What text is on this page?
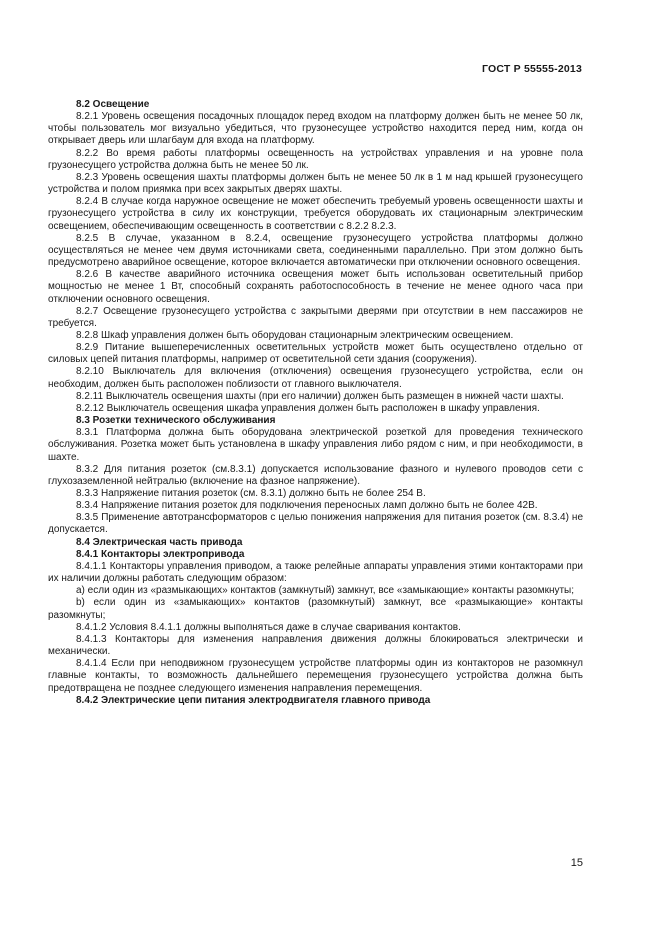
ГОСТ Р 55555-2013

8.2 Освещение

8.2.1 Уровень освещения посадочных площадок перед входом на платформу должен быть не менее 50 лк, чтобы пользователь мог визуально убедиться, что грузонесущее устройство находится перед ним, когда он открывает дверь или шлагбаум для входа на платформу.

8.2.2 Во время работы платформы освещенность на устройствах управления и на уровне пола грузонесущего устройства должна быть не менее 50 лк.

8.2.3 Уровень освещения шахты платформы должен быть не менее 50 лк в 1 м над крышей грузонесущего устройства и полом приямка при всех закрытых дверях шахты.

8.2.4 В случае когда наружное освещение не может обеспечить требуемый уровень освещенности шахты и грузонесущего устройства в силу их конструкции, требуется оборудовать их стационарным электрическим освещением, обеспечивающим освещенность в соответствии с 8.2.2 8.2.3.

8.2.5 В случае, указанном в 8.2.4, освещение грузонесущего устройства платформы должно осуществляться не менее чем двумя источниками света, соединенными параллельно. При этом должно быть предусмотрено аварийное освещение, которое включается автоматически при отключении основного освещения.

8.2.6 В качестве аварийного источника освещения может быть использован осветительный прибор мощностью не менее 1 Вт, способный сохранять работоспособность в течение не менее одного часа при отключении основного освещения.

8.2.7 Освещение грузонесущего устройства с закрытыми дверями при отсутствии в нем пассажиров не требуется.

8.2.8 Шкаф управления должен быть оборудован стационарным электрическим освещением.

8.2.9 Питание вышеперечисленных осветительных устройств может быть осуществлено отдельно от силовых цепей питания платформы, например от осветительной сети здания (сооружения).

8.2.10 Выключатель для включения (отключения) освещения грузонесущего устройства, если он необходим, должен быть расположен поблизости от главного выключателя.

8.2.11 Выключатель освещения шахты (при его наличии) должен быть размещен в нижней части шахты.

8.2.12 Выключатель освещения шкафа управления должен быть расположен в шкафу управления.

8.3 Розетки технического обслуживания

8.3.1 Платформа должна быть оборудована электрической розеткой для проведения технического обслуживания. Розетка может быть установлена в шкафу управления либо рядом с ним, и при необходимости, в шахте.

8.3.2 Для питания розеток (см.8.3.1) допускается использование фазного и нулевого проводов сети с глухозаземленной нейтралью (включение на фазное напряжение).

8.3.3 Напряжение питания розеток (см. 8.3.1) должно быть не более 254 В.

8.3.4 Напряжение питания розеток для подключения переносных ламп должно быть не более 42В.

8.3.5 Применение автотрансформаторов с целью понижения напряжения для питания розеток (см. 8.3.4) не допускается.

8.4 Электрическая часть привода

8.4.1 Контакторы электропривода

8.4.1.1 Контакторы управления приводом, а также релейные аппараты управления этими контакторами при их наличии должны работать следующим образом:

а) если один из «размыкающих» контактов (замкнутый) замкнут, все «замыкающие» контакты разомкнуты;

b) если один из «замыкающих» контактов (разомкнутый) замкнут, все «размыкающие» контакты разомкнуты;

8.4.1.2 Условия 8.4.1.1 должны выполняться даже в случае сваривания контактов.

8.4.1.3 Контакторы для изменения направления движения должны блокироваться электрически и механически.

8.4.1.4 Если при неподвижном грузонесущем устройстве платформы один из контакторов не разомкнул главные контакты, то возможность дальнейшего перемещения грузонесущего устройства должна быть предотвращена не позднее следующего изменения направления перемещения.

8.4.2 Электрические цепи питания электродвигателя главного привода

15
